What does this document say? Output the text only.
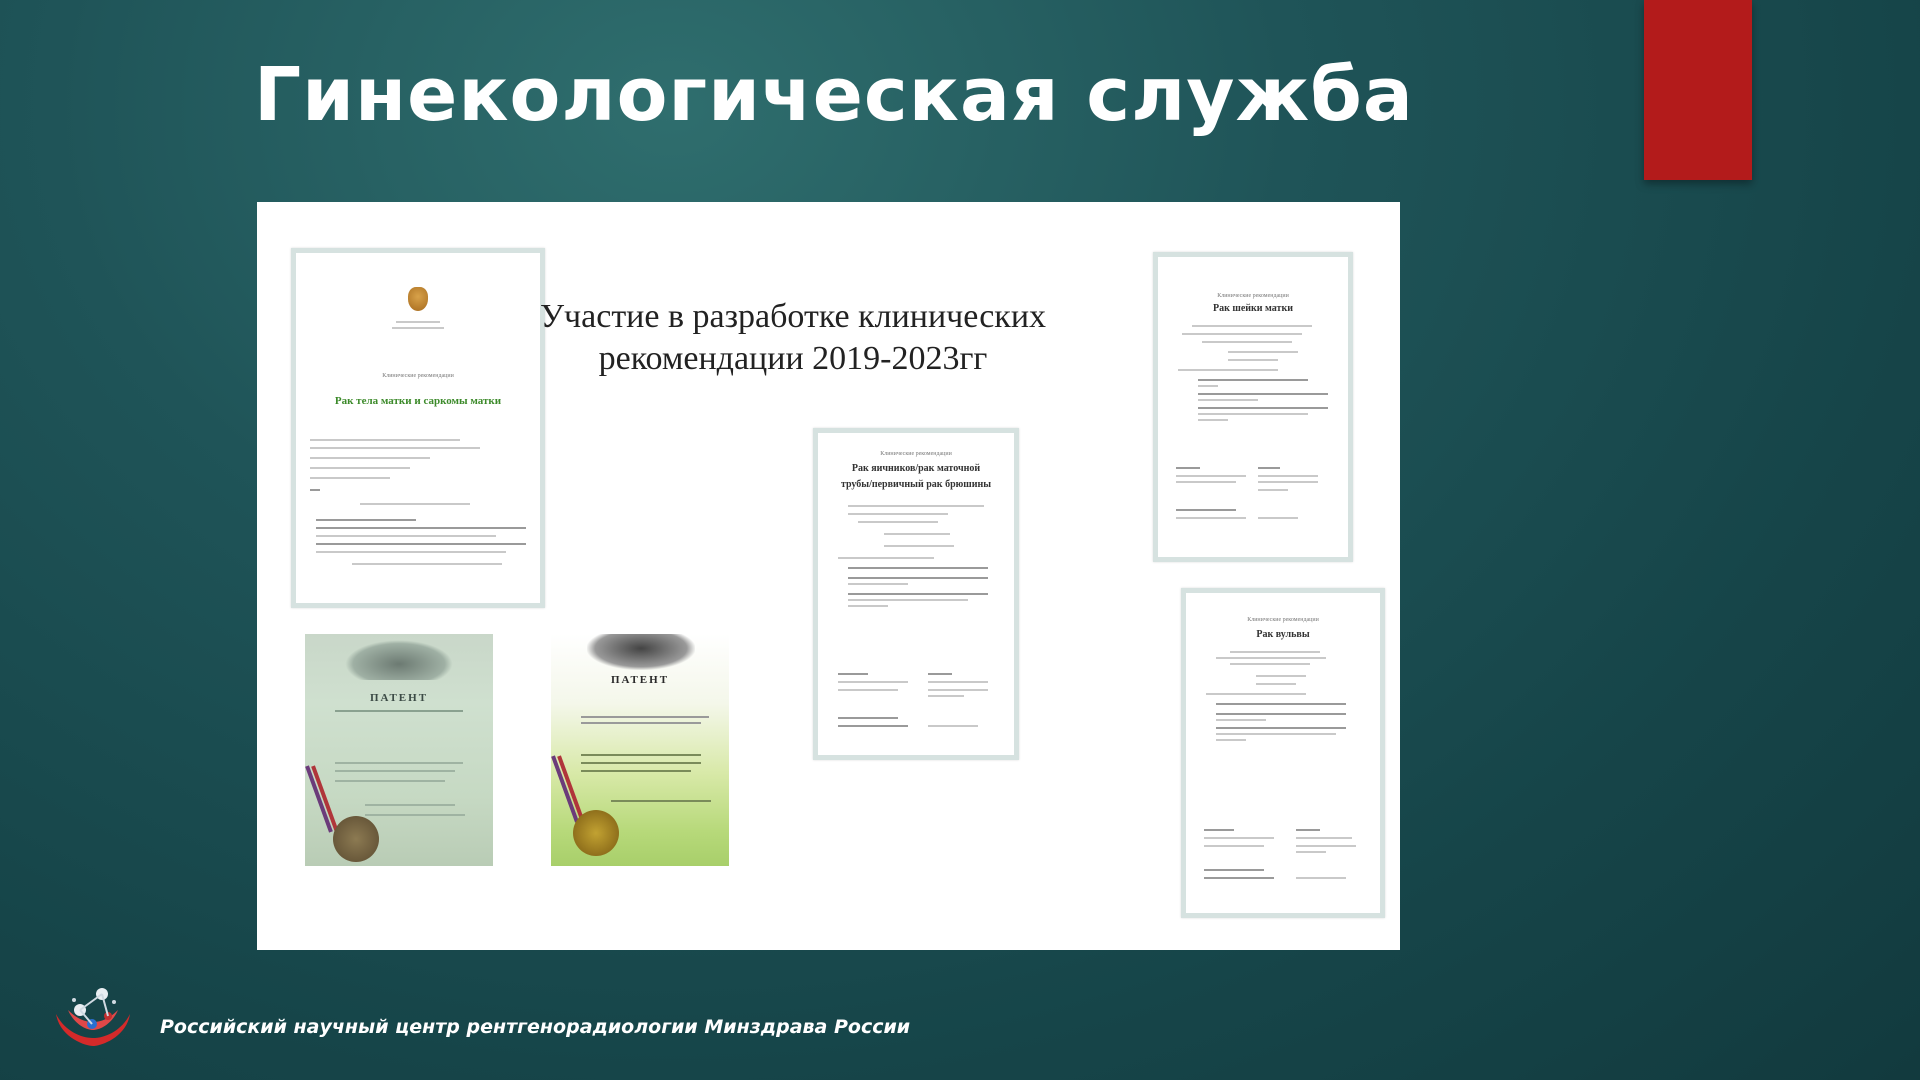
Гинекологическая служба
Клинические рекомендации
Рак тела матки и саркомы матки
Участие в разработке клинических
рекомендации 2019-2023гг
ПАТЕНТ
ПАТЕНТ
Клинические рекомендации
Рак шейки матки
Клинические рекомендации
Рак яичников/рак маточной
трубы/первичный рак брюшины
Клинические рекомендации
Рак вульвы
Российский научный центр рентгенорадиологии Минздрава России
